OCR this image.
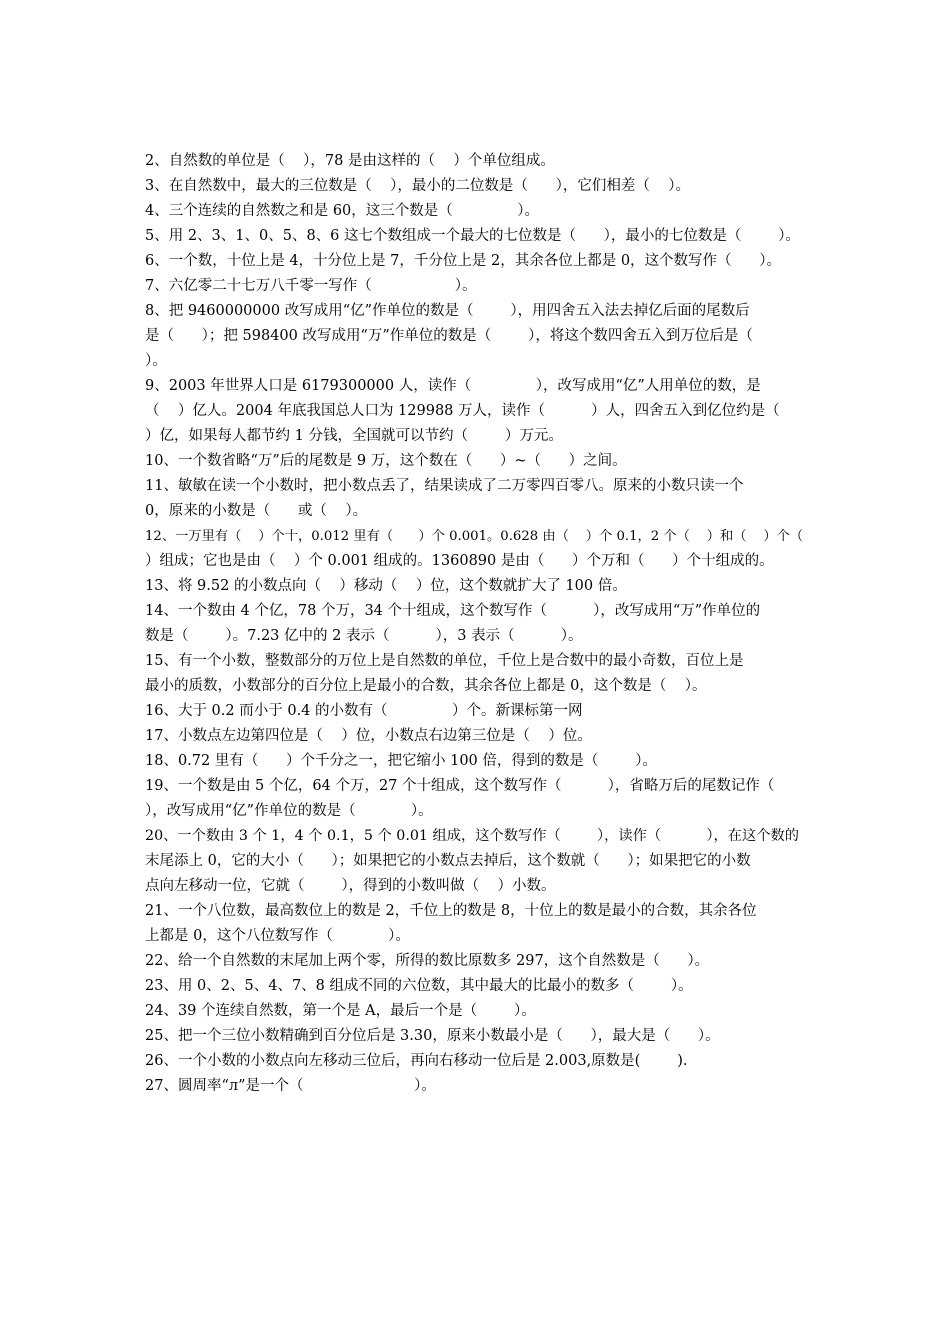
2、自然数的单位是（    ），78 是由这样的（    ）个单位组成。
3、在自然数中，最大的三位数是（    ），最小的二位数是（      ），它们相差（    ）。
4、三个连续的自然数之和是 60，这三个数是（              ）。
5、用 2、3、1、0、5、8、6 这七个数组成一个最大的七位数是（      ），最小的七位数是（        ）。
6、一个数，十位上是 4，十分位上是 7，千分位上是 2，其余各位上都是 0，这个数写作（      ）。
7、六亿零二十七万八千零一写作（                  ）。
8、把 9460000000 改写成用“亿”作单位的数是（        ），用四舍五入法去掉亿后面的尾数后
是（      ）；把 598400 改写成用“万”作单位的数是（        ），将这个数四舍五入到万位后是（
）。
9、2003 年世界人口是 6179300000 人，读作（              ），改写成用“亿”人用单位的数，是
（    ）亿人。2004 年底我国总人口为 129988 万人，读作（          ）人，四舍五入到亿位约是（
）亿，如果每人都节约 1 分钱，全国就可以节约（        ）万元。
10、一个数省略“万”后的尾数是 9 万，这个数在（      ）~（      ）之间。
11、敏敏在读一个小数时，把小数点丢了，结果读成了二万零四百零八。原来的小数只读一个
0，原来的小数是（      或（    ）。
12、一万里有（    ）个十，0.012 里有（      ）个 0.001。0.628 由（    ）个 0.1，2 个（    ）和（    ）个（
）组成；它也是由（    ）个 0.001 组成的。1360890 是由（      ）个万和（      ）个十组成的。
13、将 9.52 的小数点向（    ）移动（    ）位，这个数就扩大了 100 倍。
14、一个数由 4 个亿，78 个万，34 个十组成，这个数写作（          ），改写成用“万”作单位的
数是（        ）。7.23 亿中的 2 表示（          ），3 表示（          ）。
15、有一个小数，整数部分的万位上是自然数的单位，千位上是合数中的最小奇数，百位上是
最小的质数，小数部分的百分位上是最小的合数，其余各位上都是 0，这个数是（    ）。
16、大于 0.2 而小于 0.4 的小数有（              ）个。新课标第一网
17、小数点左边第四位是（    ）位，小数点右边第三位是（    ）位。
18、0.72 里有（      ）个千分之一，把它缩小 100 倍，得到的数是（        ）。
19、一个数是由 5 个亿，64 个万，27 个十组成，这个数写作（          ），省略万后的尾数记作（
），改写成用“亿”作单位的数是（            ）。
20、一个数由 3 个 1，4 个 0.1，5 个 0.01 组成，这个数写作（        ），读作（          ），在这个数的
末尾添上 0，它的大小（      ）；如果把它的小数点去掉后，这个数就（      ）；如果把它的小数
点向左移动一位，它就（        ），得到的小数叫做（    ）小数。
21、一个八位数，最高数位上的数是 2，千位上的数是 8，十位上的数是最小的合数，其余各位
上都是 0，这个八位数写作（            ）。
22、给一个自然数的末尾加上两个零，所得的数比原数多 297，这个自然数是（      ）。
23、用 0、2、5、4、7、8 组成不同的六位数，其中最大的比最小的数多（        ）。
24、39 个连续自然数，第一个是 A，最后一个是（        ）。
25、把一个三位小数精确到百分位后是 3.30，原来小数最小是（      ），最大是（      ）。
26、一个小数的小数点向左移动三位后，再向右移动一位后是 2.003,原数是(        ).
27、圆周率“л”是一个（                        ）。
